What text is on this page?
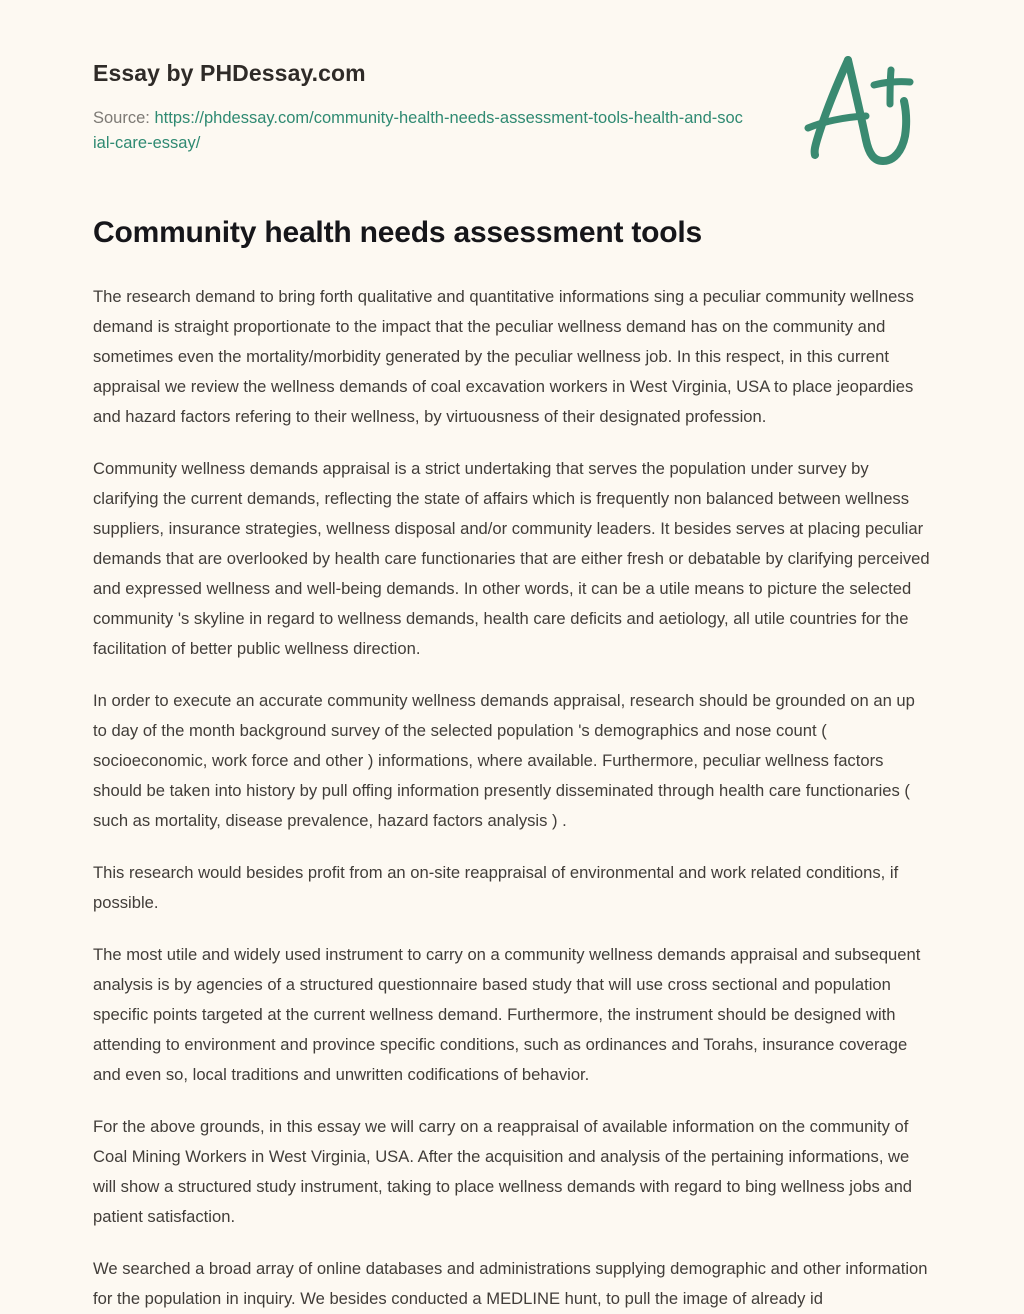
Essay by PHDessay.com
Source: https://phdessay.com/community-health-needs-assessment-tools-health-and-social-care-essay/
Community health needs assessment tools

The research demand to bring forth qualitative and quantitative informations sing a peculiar community wellness demand is straight proportionate to the impact that the peculiar wellness demand has on the community and sometimes even the mortality/morbidity generated by the peculiar wellness job. In this respect, in this current appraisal we review the wellness demands of coal excavation workers in West Virginia, USA to place jeopardies and hazard factors refering to their wellness, by virtuousness of their designated profession.

Community wellness demands appraisal is a strict undertaking that serves the population under survey by clarifying the current demands, reflecting the state of affairs which is frequently non balanced between wellness suppliers, insurance strategies, wellness disposal and/or community leaders. It besides serves at placing peculiar demands that are overlooked by health care functionaries that are either fresh or debatable by clarifying perceived and expressed wellness and well-being demands. In other words, it can be a utile means to picture the selected community 's skyline in regard to wellness demands, health care deficits and aetiology, all utile countries for the facilitation of better public wellness direction.

In order to execute an accurate community wellness demands appraisal, research should be grounded on an up to day of the month background survey of the selected population 's demographics and nose count ( socioeconomic, work force and other ) informations, where available. Furthermore, peculiar wellness factors should be taken into history by pull offing information presently disseminated through health care functionaries ( such as mortality, disease prevalence, hazard factors analysis ) .

This research would besides profit from an on-site reappraisal of environmental and work related conditions, if possible.

The most utile and widely used instrument to carry on a community wellness demands appraisal and subsequent analysis is by agencies of a structured questionnaire based study that will use cross sectional and population specific points targeted at the current wellness demand. Furthermore, the instrument should be designed with attending to environment and province specific conditions, such as ordinances and Torahs, insurance coverage and even so, local traditions and unwritten codifications of behavior.

For the above grounds, in this essay we will carry on a reappraisal of available information on the community of Coal Mining Workers in West Virginia, USA. After the acquisition and analysis of the pertaining informations, we will show a structured study instrument, taking to place wellness demands with regard to bing wellness jobs and patient satisfaction.

We searched a broad array of online databases and administrations supplying demographic and other information for the population in inquiry. We besides conducted a MEDLINE hunt, to pull the image of already id
